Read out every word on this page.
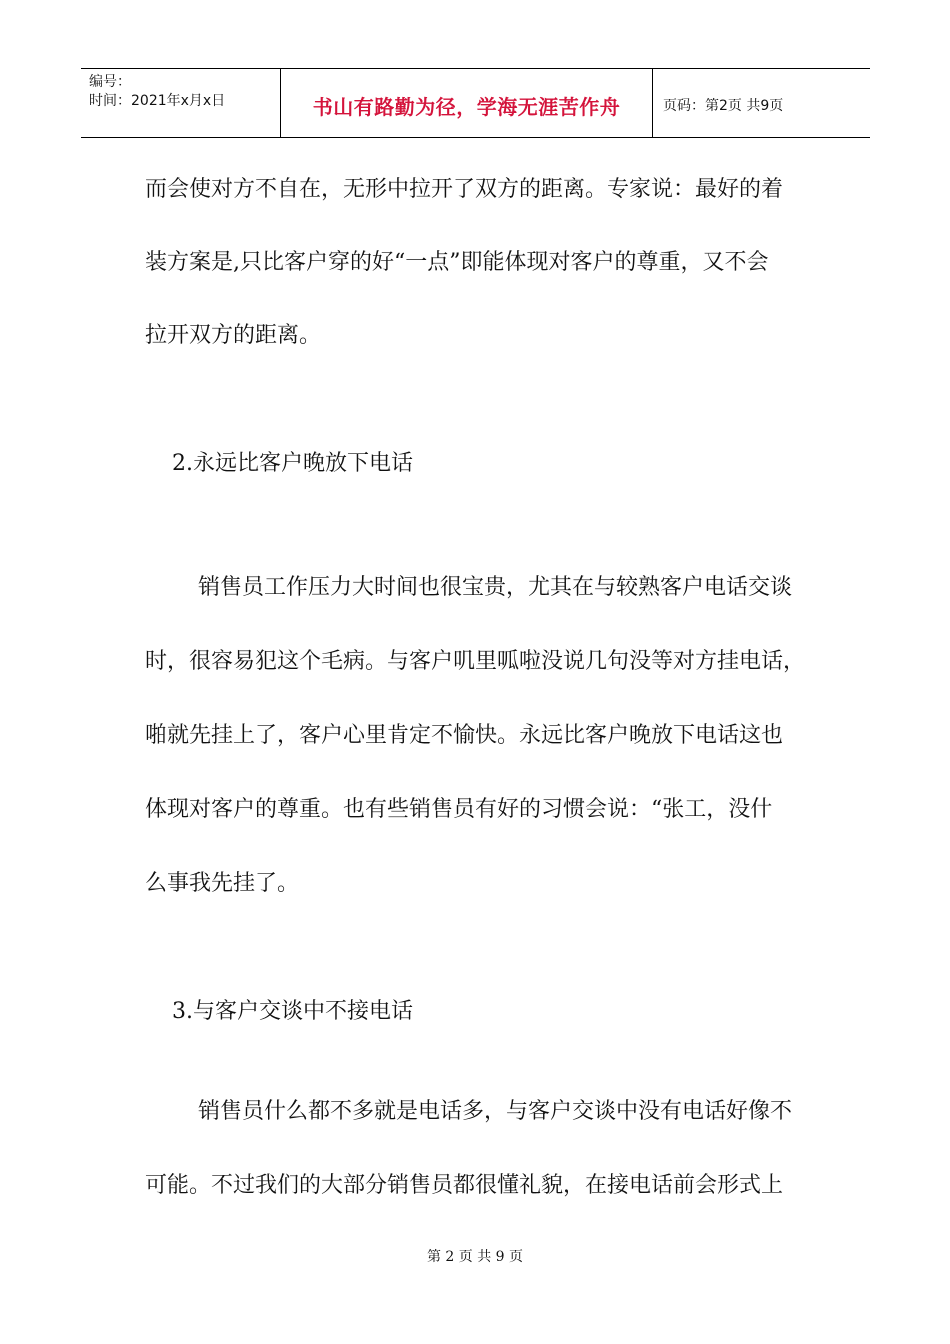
编号：
时间：2021年x月x日	书山有路勤为径，学海无涯苦作舟	页码：第2页 共9页
而会使对方不自在，无形中拉开了双方的距离。专家说：最好的着
装方案是,只比客户穿的好“一点”即能体现对客户的尊重，又不会
拉开双方的距离。
2.永远比客户晚放下电话
销售员工作压力大时间也很宝贵，尤其在与较熟客户电话交谈
时，很容易犯这个毛病。与客户叽里呱啦没说几句没等对方挂电话，
啪就先挂上了，客户心里肯定不愉快。永远比客户晚放下电话这也
体现对客户的尊重。也有些销售员有好的习惯会说：“张工，没什
么事我先挂了。
3.与客户交谈中不接电话
销售员什么都不多就是电话多，与客户交谈中没有电话好像不
可能。不过我们的大部分销售员都很懂礼貌，在接电话前会形式上
第 2 页 共 9 页
